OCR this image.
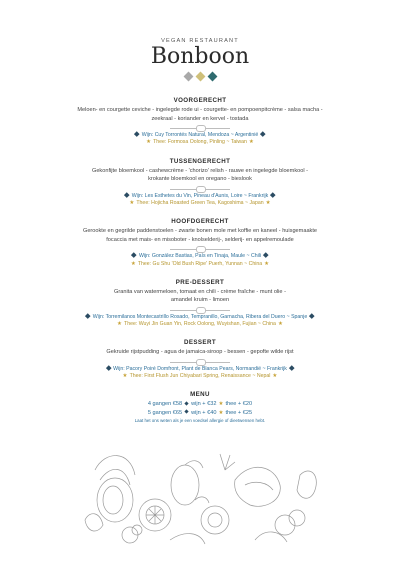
VEGAN RESTAURANT
Bonboon
VOORGERECHT
Meloen- en courgette ceviche - ingelegde rode ui - courgette- en pompoenpitcrème - salsa macha -
zeekraal - koriander en kervel - tostada
Wijn: Cuy Torrontés Natural, Mendoza ~ Argentinië
★ Thee: Formosa Oolong, Pinling ~ Taiwan ★
TUSSENGERECHT
Gekonfijte bloemkool - cashewcrème - 'chorizo' relish - rauwe en ingelegde bloemkool -
krokante bloemkool en oregano - bieslook
Wijn: Les Esthetes du Vin, Pineau d'Aunis, Loire ~ Frankrijk
★ Thee: Hojicha Roasted Green Tea, Kagoshima ~ Japan ★
HOOFDGERECHT
Gerookte en gegrilde paddenstoelen - zwarte bonen mole met koffie en kaneel - huisgemaakte
focaccia met mais- en misoboter - knolselderij-, selderij- en appelremoulade
Wijn: González Bastias, País en Tinaja, Maule ~ Chili
★ Thee: Gu Shu 'Old Bush Ripe' Puerh, Yunnan ~ China ★
PRE-DESSERT
Granita van watermeloen, tomaat en chili - crème fraîche - munt olie -
amandel kruim - limoen
Wijn: Torremilanos Montecastrillo Rosado, Tempranillo, Garnacha, Ribera del Duero ~ Spanje
★ Thee: Wuyi Jin Guan Yin, Rock Oolong, Wuyishan, Fujian ~ China ★
DESSERT
Gekruide rijstpudding - agua de jamaica-siroop - bessen - gepofte wilde rijst
Wijn: Pacory Poiré Domfront, Plant de Blanca Pears, Normandië ~ Frankrijk
★ Thee: First Flush Jun Chiyabari Spring, Renaissance ~ Nepal ★
MENU
4 gangen €58 wijn + €32 ★ thee + €20
5 gangen €65 wijn + €40 ★ thee + €25
Laat het ons weten als je een voedsel allergie of dieetwensen hebt.
